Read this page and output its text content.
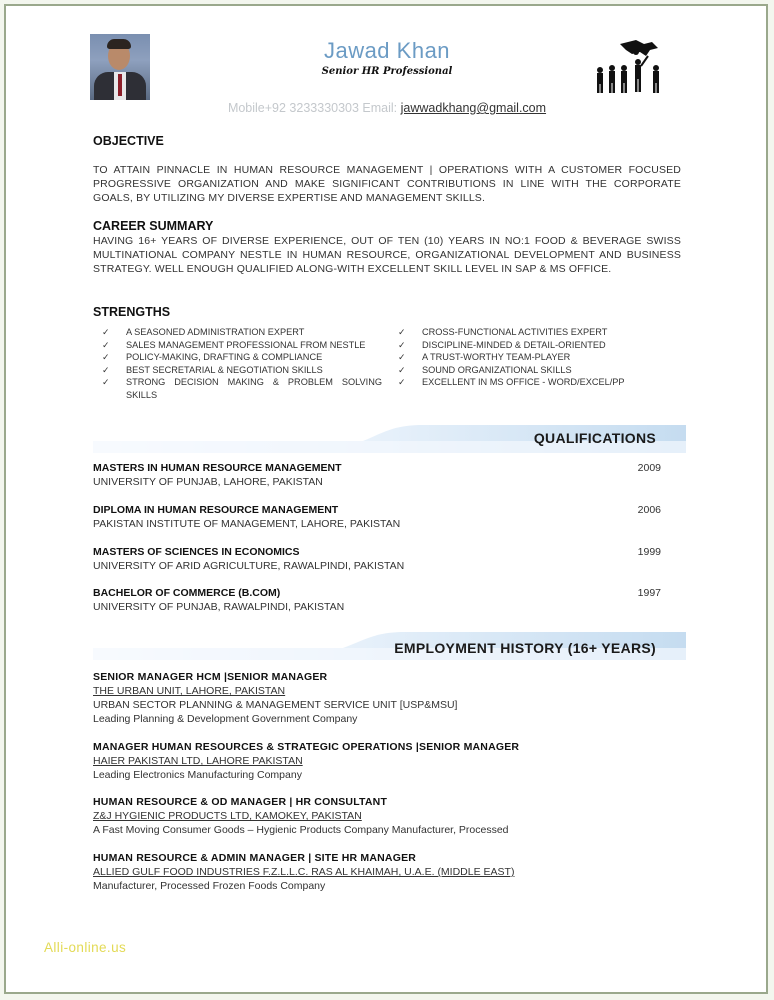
Jawad Khan
Senior HR Professional
Mobile+92 3233330303 Email: jawwadkhang@gmail.com
OBJECTIVE
TO ATTAIN PINNACLE IN HUMAN RESOURCE MANAGEMENT | OPERATIONS WITH A CUSTOMER FOCUSED PROGRESSIVE ORGANIZATION AND MAKE SIGNIFICANT CONTRIBUTIONS IN LINE WITH THE CORPORATE GOALS, BY UTILIZING MY DIVERSE EXPERTISE AND MANAGEMENT SKILLS.
CAREER SUMMARY
HAVING 16+ YEARS OF DIVERSE EXPERIENCE, OUT OF TEN (10) YEARS IN NO:1 FOOD & BEVERAGE SWISS MULTINATIONAL COMPANY NESTLE IN HUMAN RESOURCE, ORGANIZATIONAL DEVELOPMENT AND BUSINESS STRATEGY. WELL ENOUGH QUALIFIED ALONG-WITH EXCELLENT SKILL LEVEL IN SAP & MS OFFICE.
STRENGTHS
✓ A SEASONED ADMINISTRATION EXPERT
✓ SALES MANAGEMENT PROFESSIONAL FROM NESTLE
✓ POLICY-MAKING, DRAFTING & COMPLIANCE
✓ BEST SECRETARIAL & NEGOTIATION SKILLS
✓ STRONG DECISION MAKING & PROBLEM SOLVING SKILLS
✓ CROSS-FUNCTIONAL ACTIVITIES EXPERT
✓ DISCIPLINE-MINDED & DETAIL-ORIENTED
✓ A TRUST-WORTHY TEAM-PLAYER
✓ SOUND ORGANIZATIONAL SKILLS
✓ EXCELLENT IN MS OFFICE - WORD/EXCEL/PP
QUALIFICATIONS
MASTERS IN HUMAN RESOURCE MANAGEMENT
UNIVERSITY OF PUNJAB, LAHORE, PAKISTAN
2009
DIPLOMA IN HUMAN RESOURCE MANAGEMENT
PAKISTAN INSTITUTE OF MANAGEMENT, LAHORE, PAKISTAN
2006
MASTERS OF SCIENCES IN ECONOMICS
UNIVERSITY OF ARID AGRICULTURE, RAWALPINDI, PAKISTAN
1999
BACHELOR OF COMMERCE (B.COM)
UNIVERSITY OF PUNJAB, RAWALPINDI, PAKISTAN
1997
EMPLOYMENT HISTORY (16+ YEARS)
SENIOR MANAGER HCM |SENIOR MANAGER
THE URBAN UNIT, LAHORE, PAKISTAN
URBAN SECTOR PLANNING & MANAGEMENT SERVICE UNIT [USP&MSU]
Leading Planning & Development Government Company
MANAGER HUMAN RESOURCES & STRATEGIC OPERATIONS |SENIOR MANAGER
HAIER PAKISTAN LTD, LAHORE PAKISTAN
Leading Electronics Manufacturing Company
HUMAN RESOURCE & OD MANAGER | HR CONSULTANT
Z&J HYGIENIC PRODUCTS LTD, KAMOKEY, PAKISTAN
A Fast Moving Consumer Goods – Hygienic Products Company Manufacturer, Processed
HUMAN RESOURCE & ADMIN MANAGER | SITE HR MANAGER
ALLIED GULF FOOD INDUSTRIES F.Z.L.L.C. RAS AL KHAIMAH, U.A.E. (MIDDLE EAST)
Manufacturer, Processed Frozen Foods Company
Alli-online.us
